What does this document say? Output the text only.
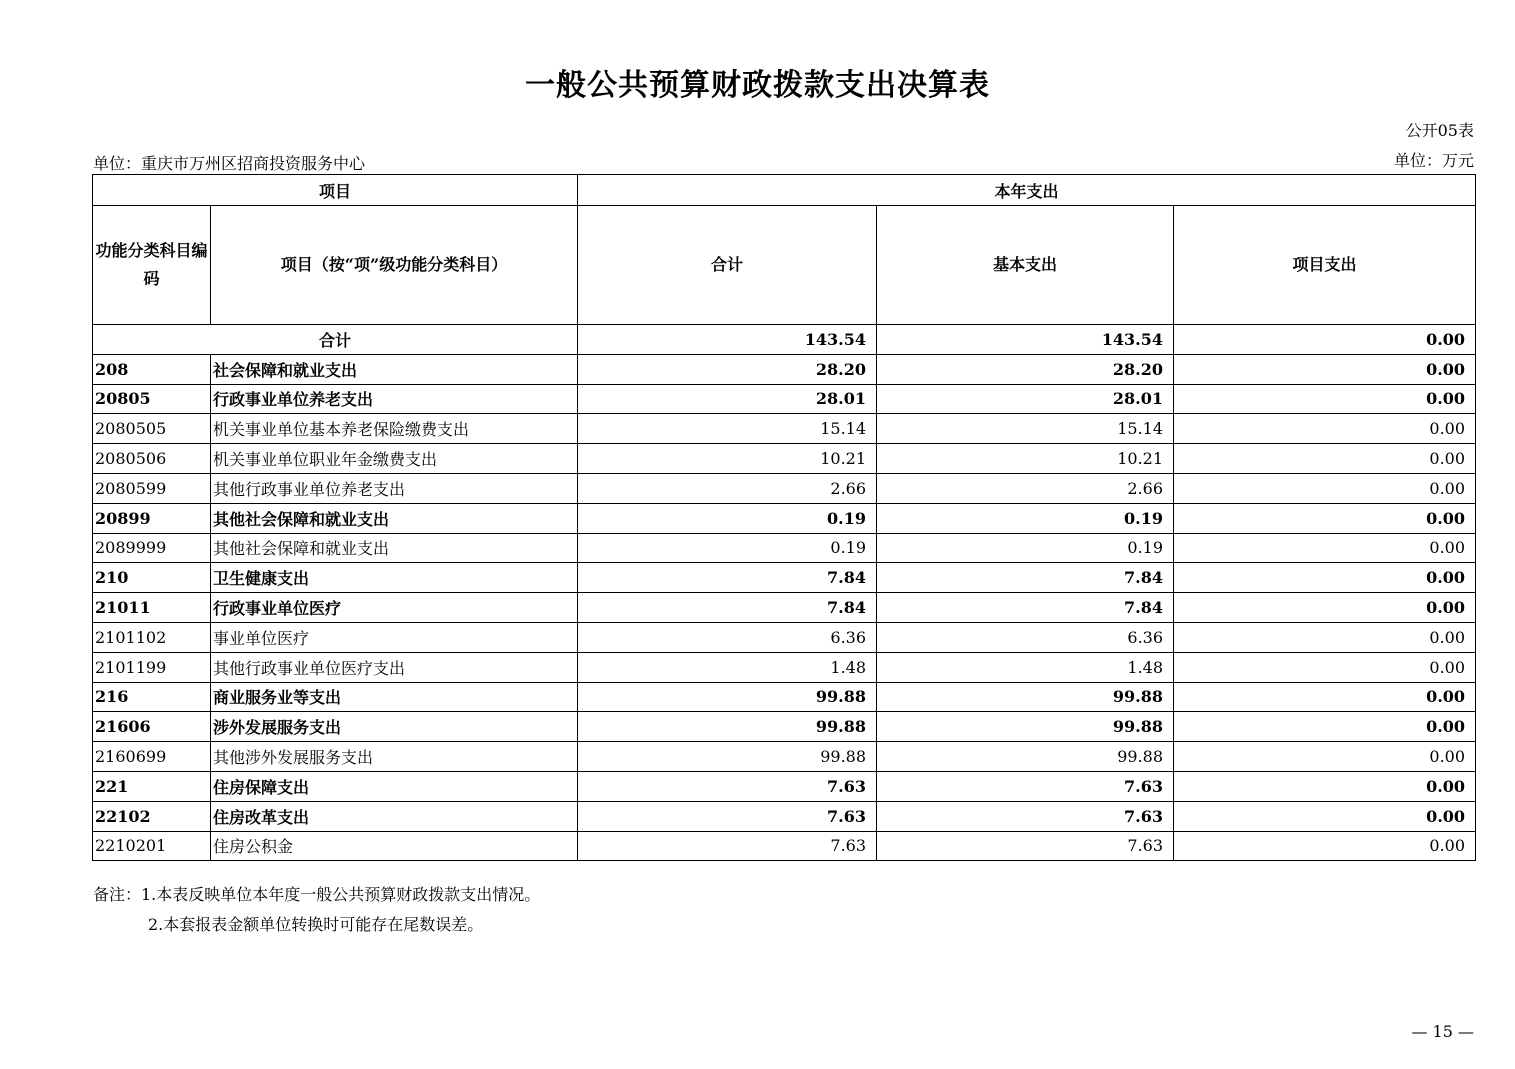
一般公共预算财政拨款支出决算表
公开05表
单位：重庆市万州区招商投资服务中心	单位：万元
项目		本年支出		
功能分类科目编码	项目（按“项”级功能分类科目）	合计	基本支出	项目支出
合计		143.54	143.54	0.00
208	社会保障和就业支出	28.20	28.20	0.00
20805	行政事业单位养老支出	28.01	28.01	0.00
2080505	机关事业单位基本养老保险缴费支出	15.14	15.14	0.00
2080506	机关事业单位职业年金缴费支出	10.21	10.21	0.00
2080599	其他行政事业单位养老支出	2.66	2.66	0.00
20899	其他社会保障和就业支出	0.19	0.19	0.00
2089999	其他社会保障和就业支出	0.19	0.19	0.00
210	卫生健康支出	7.84	7.84	0.00
21011	行政事业单位医疗	7.84	7.84	0.00
2101102	事业单位医疗	6.36	6.36	0.00
2101199	其他行政事业单位医疗支出	1.48	1.48	0.00
216	商业服务业等支出	99.88	99.88	0.00
21606	涉外发展服务支出	99.88	99.88	0.00
2160699	其他涉外发展服务支出	99.88	99.88	0.00
221	住房保障支出	7.63	7.63	0.00
22102	住房改革支出	7.63	7.63	0.00
2210201	住房公积金	7.63	7.63	0.00
备注：1.本表反映单位本年度一般公共预算财政拨款支出情况。
2.本套报表金额单位转换时可能存在尾数误差。
— 15 —
